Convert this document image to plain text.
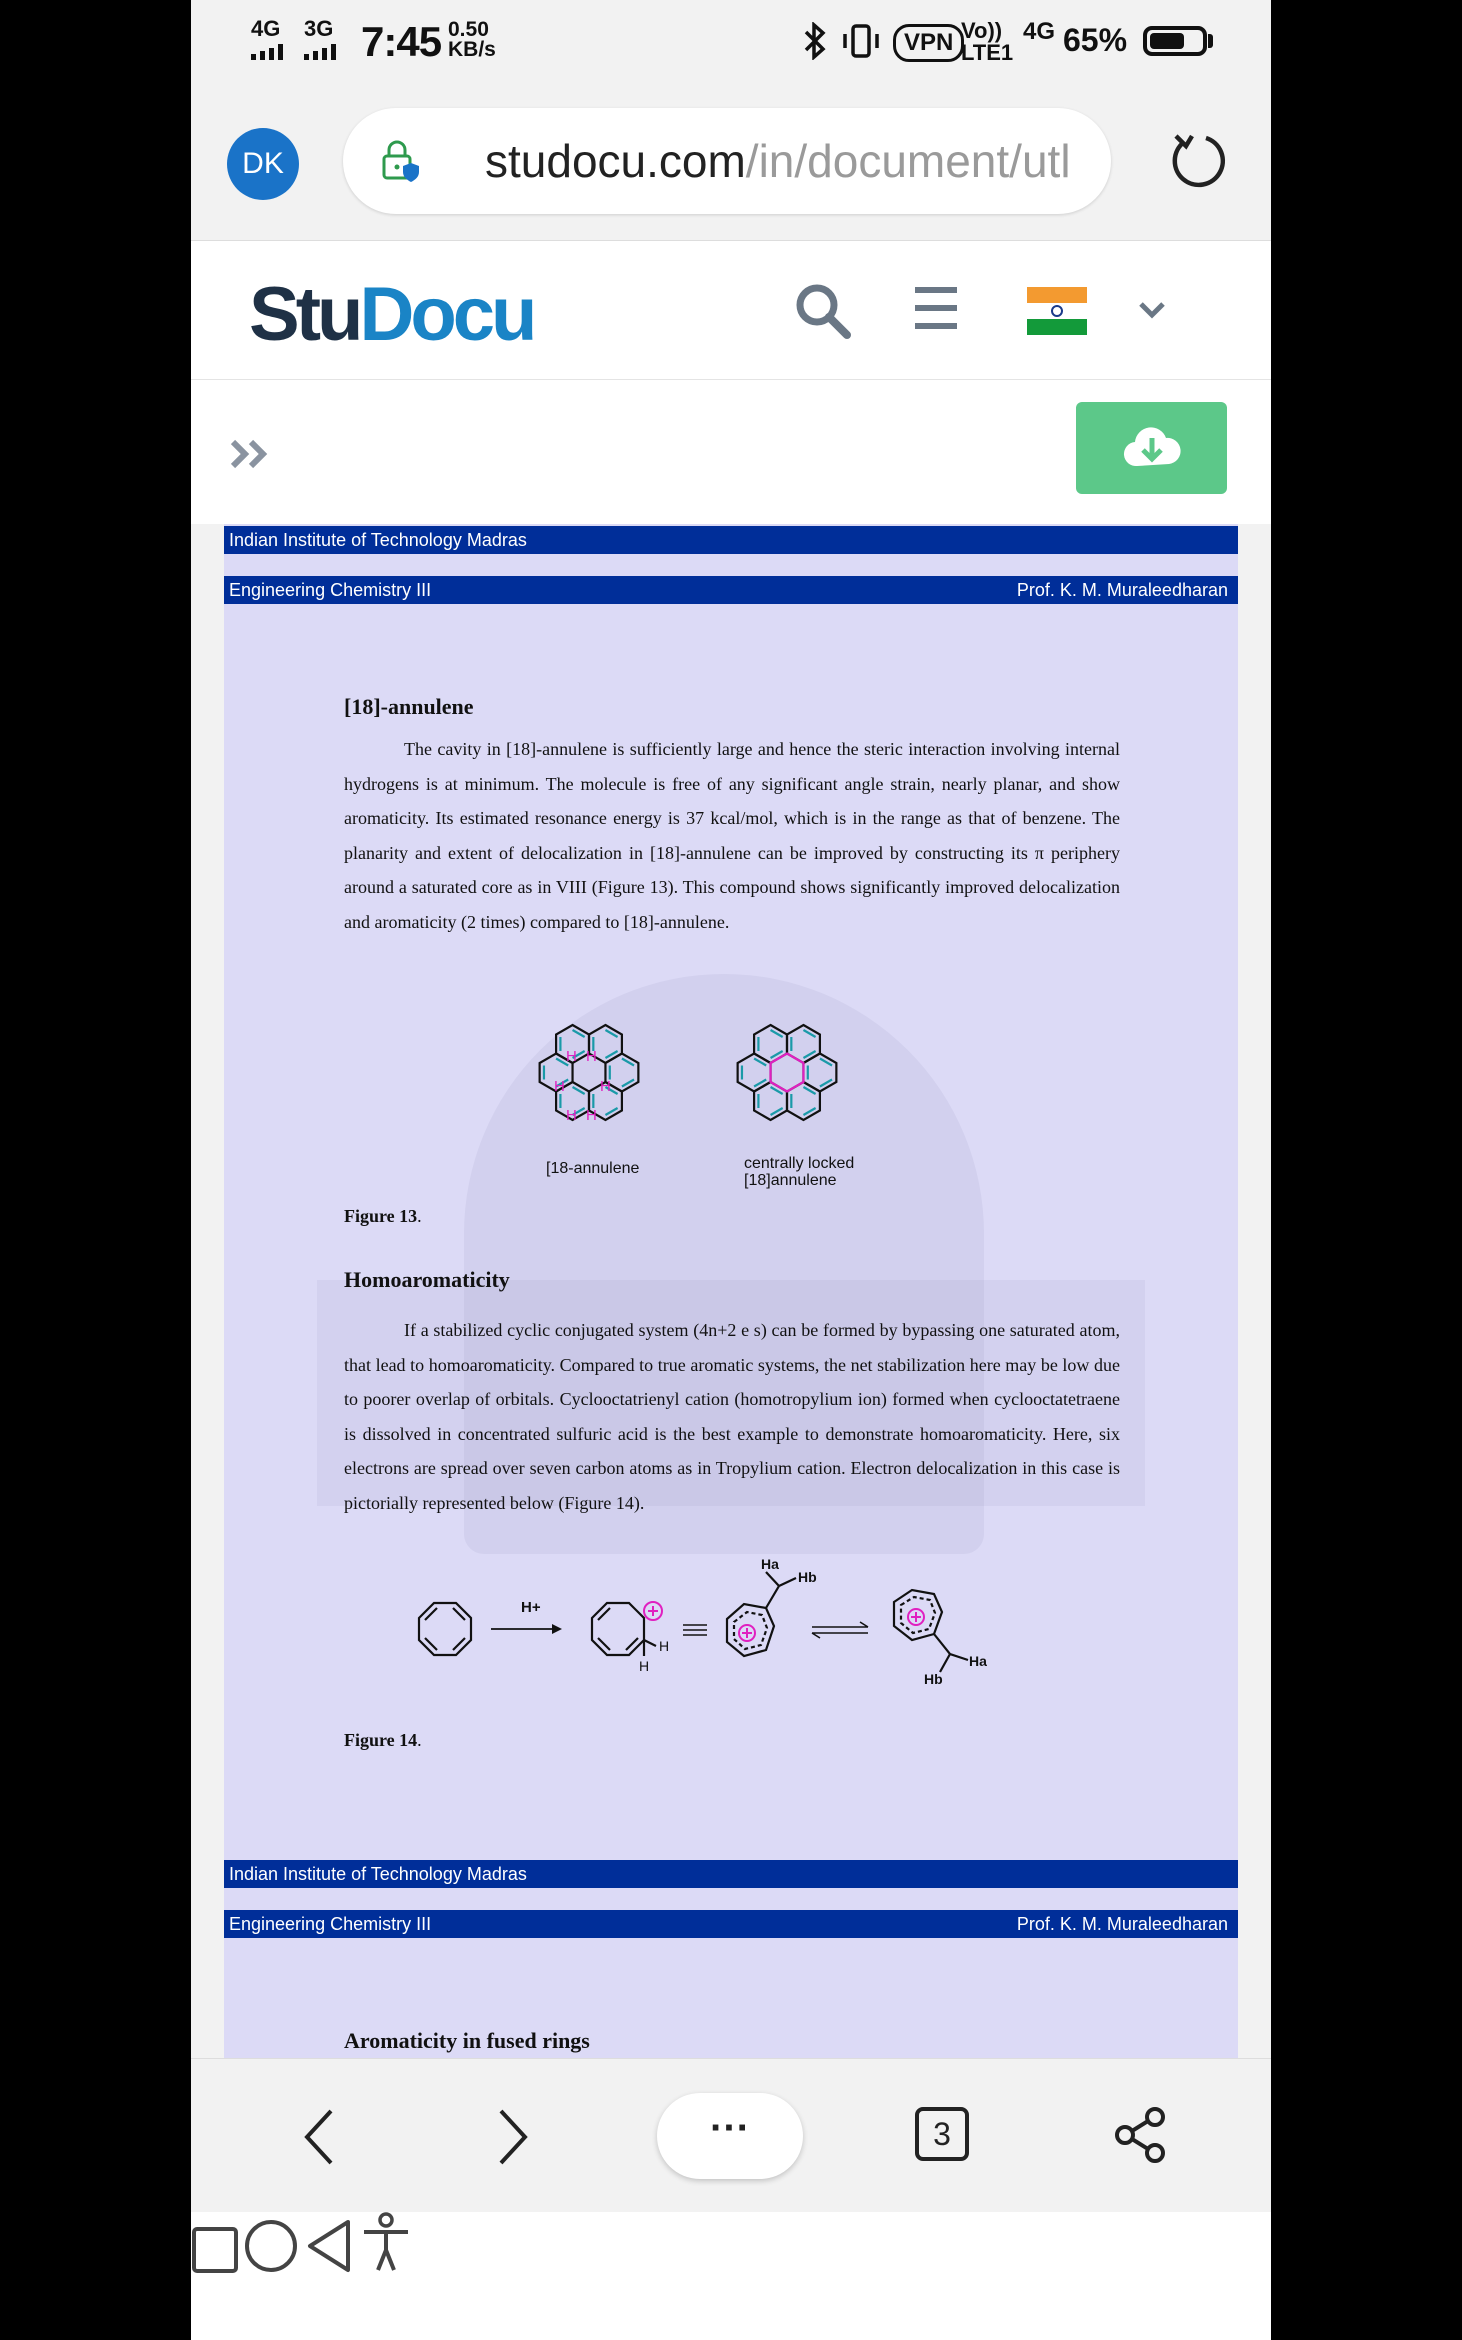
4G 3G 7:45 0.50
KB/s	VPN Vo))
LTE1
4G 65%
DK	studocu.com/in/document/utl
StuDocu
Indian Institute of Technology Madras
Engineering Chemistry III	Prof. K. M. Muraleedharan
[18]-annulene
The cavity in [18]-annulene is sufficiently large and hence the steric interaction involving internal hydrogens is at minimum. The molecule is free of any significant angle strain, nearly planar, and show aromaticity. Its estimated resonance energy is 37 kcal/mol, which is in the range as that of benzene. The planarity and extent of delocalization in [18]-annulene can be improved by constructing its π periphery around a saturated core as in VIII (Figure 13). This compound shows significantly improved delocalization and aromaticity (2 times) compared to [18]-annulene.
H H
H H
H H
[18-annulene	centrally locked
[18]annulene
Figure 13.
Homoaromaticity
If a stabilized cyclic conjugated system (4n+2 e s) can be formed by bypassing one saturated atom, that lead to homoaromaticity. Compared to true aromatic systems, the net stabilization here may be low due to poorer overlap of orbitals. Cyclooctatrienyl cation (homotropylium ion) formed when cyclooctatetraene is dissolved in concentrated sulfuric acid is the best example to demonstrate homoaromaticity. Here, six electrons are spread over seven carbon atoms as in Tropylium cation. Electron delocalization in this case is pictorially represented below (Figure 14).
H+
H
H
Ha
Hb
Ha
Hb
Figure 14.
Indian Institute of Technology Madras
Engineering Chemistry III	Prof. K. M. Muraleedharan
Aromaticity in fused rings
···	3
